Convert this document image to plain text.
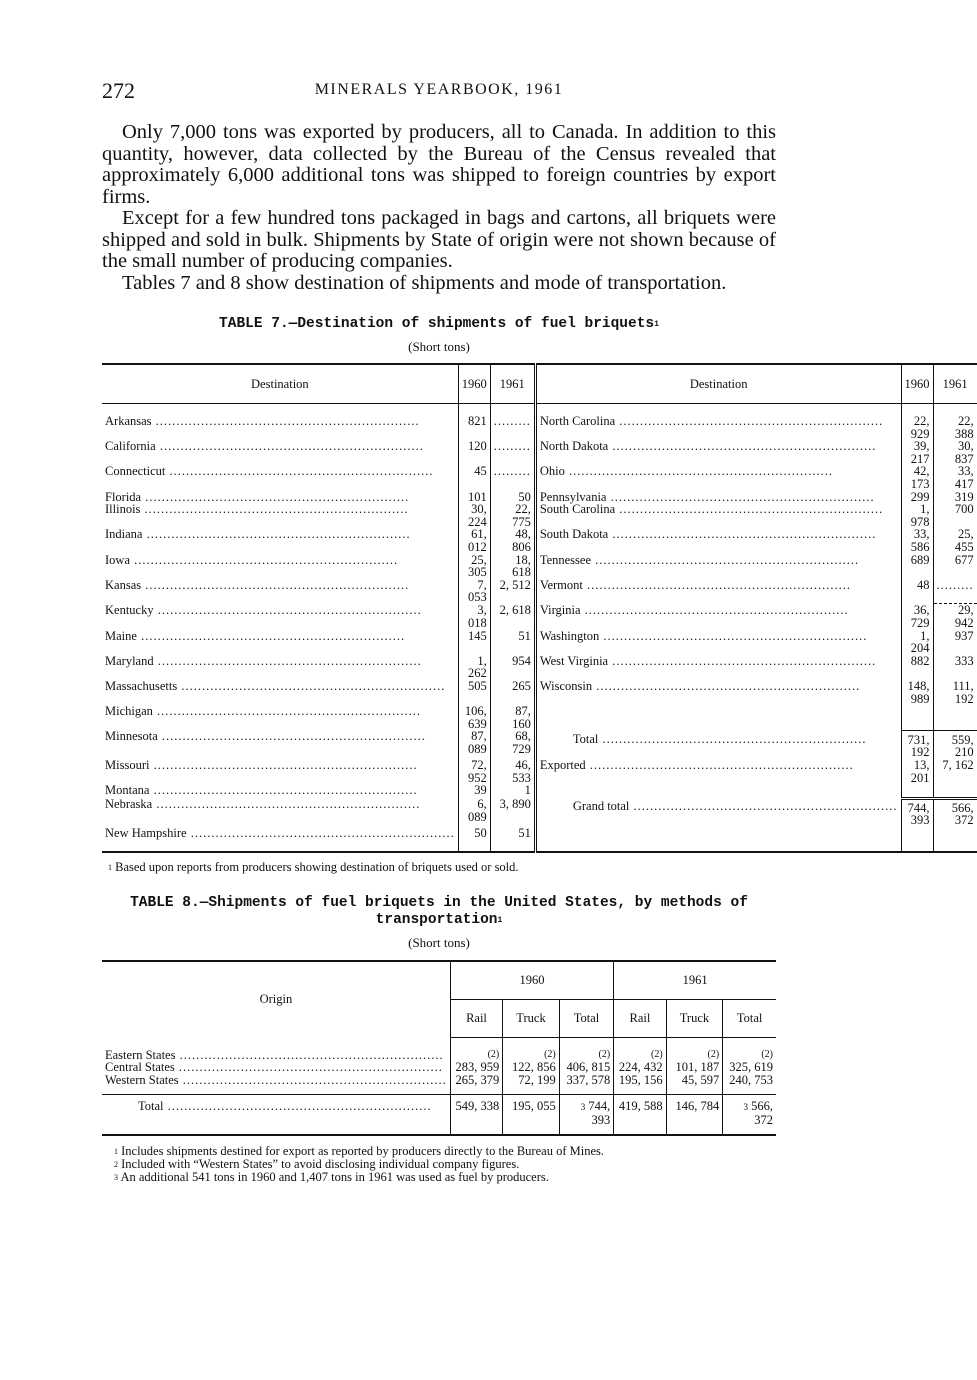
272	MINERALS YEARBOOK, 1961

Only 7,000 tons was exported by producers, all to Canada. In addition to this quantity, however, data collected by the Bureau of the Census revealed that approximately 6,000 additional tons was shipped to foreign countries by export firms.

Except for a few hundred tons packaged in bags and cartons, all briquets were shipped and sold in bulk. Shipments by State of origin were not shown because of the small number of producing companies.

Tables 7 and 8 show destination of shipments and mode of transportation.

TABLE 7.—Destination of shipments of fuel briquets$^1$
(Short tons)
Destination	1960	1961	Destination	1960	1961

Arkansas .....	821	.........	North Carolina .....	22, 929	22, 388
California .....	120	.........	North Dakota .....	39, 217	30, 837
Connecticut .....	45	.........	Ohio .....	42, 173	33, 417
Florida .....	101	50	Pennsylvania .....	299	319
Illinois .....	30, 224	22, 775	South Carolina .....	1, 978	700
Indiana .....	61, 012	48, 806	South Dakota .....	33, 586	25, 455
Iowa .....	25, 305	18, 618	Tennessee .....	689	677
Kansas .....	7, 053	2, 512	Vermont .....	48	.........
Kentucky .....	3, 018	2, 618	Virginia .....	36, 729	29, 942
Maine .....	145	51	Washington .....	1, 204	937
Maryland .....	1, 262	954	West Virginia .....	882	333
Massachusetts .....	505	265	Wisconsin .....	148, 989	111, 192
Michigan .....	106, 639	87, 160			
Minnesota .....	87, 089	68, 729	Total .....	731, 192	559, 210
Missouri .....	72, 952	46, 533	Exported .....	13, 201	7, 162
Montana .....	39	1			
Nebraska .....	6, 089	3, 890	Grand total .....	744, 393	566, 372
New Hampshire .....	50	51			

$^1$ Based upon reports from producers showing destination of briquets used or sold.
TABLE 8.—Shipments of fuel briquets in the United States, by methods of
transportation$^1$
(Short tons)
Origin	1960			1961		
	Rail	Truck	Total	Rail	Truck	Total

Eastern States .....	(2)	(2)	(2)	(2)	(2)	(2)
Central States .....	283, 959	122, 856	406, 815	224, 432	101, 187	325, 619
Western States .....	265, 379	72, 199	337, 578	195, 156	45, 597	240, 753

Total .....	549, 338	195, 055	3 744, 393	419, 588	146, 784	3 566, 372
$^1$ Includes shipments destined for export as reported by producers directly to the Bureau of Mines.
$^2$ Included with “Western States” to avoid disclosing individual company figures.
$^3$ An additional 541 tons in 1960 and 1,407 tons in 1961 was used as fuel by producers.
